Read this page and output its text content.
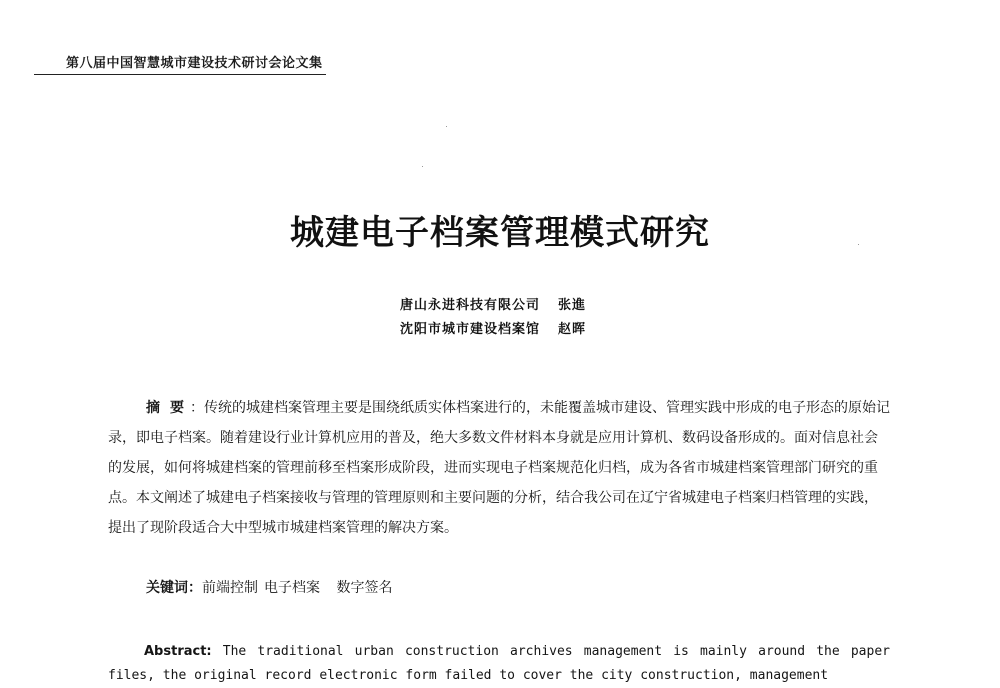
第八届中国智慧城市建设技术研讨会论文集
城建电子档案管理模式研究
唐山永进科技有限公司 张進
沈阳市城市建设档案馆 赵晖
摘要：传统的城建档案管理主要是围绕纸质实体档案进行的，未能覆盖城市建设、管理实践中形成的电子形态的原始记录，即电子档案。随着建设行业计算机应用的普及，绝大多数文件材料本身就是应用计算机、数码设备形成的。面对信息社会的发展，如何将城建档案的管理前移至档案形成阶段，进而实现电子档案规范化归档，成为各省市城建档案管理部门研究的重点。本文阐述了城建电子档案接收与管理的管理原则和主要问题的分析，结合我公司在辽宁省城建电子档案归档管理的实践，提出了现阶段适合大中型城市城建档案管理的解决方案。
关键词：前端控制 电子档案 数字签名
Abstract: The traditional urban construction archives management is mainly around the paper files, the original record electronic form failed to cover the city construction, management
